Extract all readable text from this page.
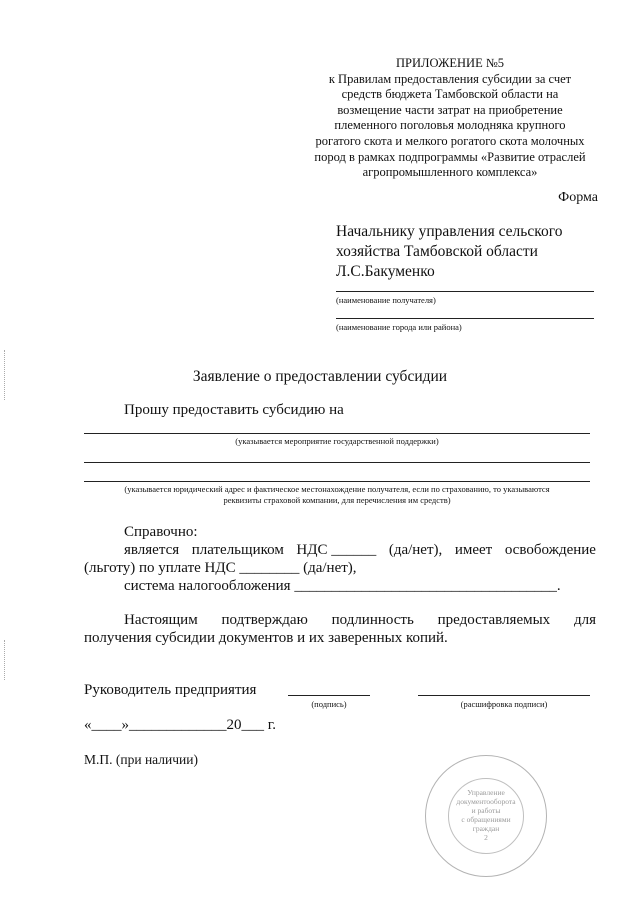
ПРИЛОЖЕНИЕ №5
к Правилам предоставления субсидии за счет
средств бюджета Тамбовской области на
возмещение части затрат на приобретение
племенного поголовья молодняка крупного
рогатого скота и мелкого рогатого скота молочных
пород в рамках подпрограммы «Развитие отраслей
агропромышленного комплекса»
Форма
Начальнику управления сельского
хозяйства Тамбовской области
Л.С.Бакуменко
(наименование получателя)
(наименование города или района)
Заявление о предоставлении субсидии
Прошу предоставить субсидию на
(указывается мероприятие государственной поддержки)
(указывается юридический адрес и фактическое местонахождение получателя, если по страхованию, то указываются
реквизиты страховой компании, для перечисления им средств)
Справочно:
является плательщиком НДС ______ (да/нет), имеет освобождение
(льготу) по уплате НДС ________ (да/нет),
система налогообложения ___________________________________.
Настоящим подтверждаю подлинность предоставляемых для
получения субсидии документов и их заверенных копий.
Руководитель предприятия
(подпись)	(расшифровка подписи)
«____»_____________20___ г.
М.П. (при наличии)
Управление
документооборота
и работы
с обращениями
граждан
2
